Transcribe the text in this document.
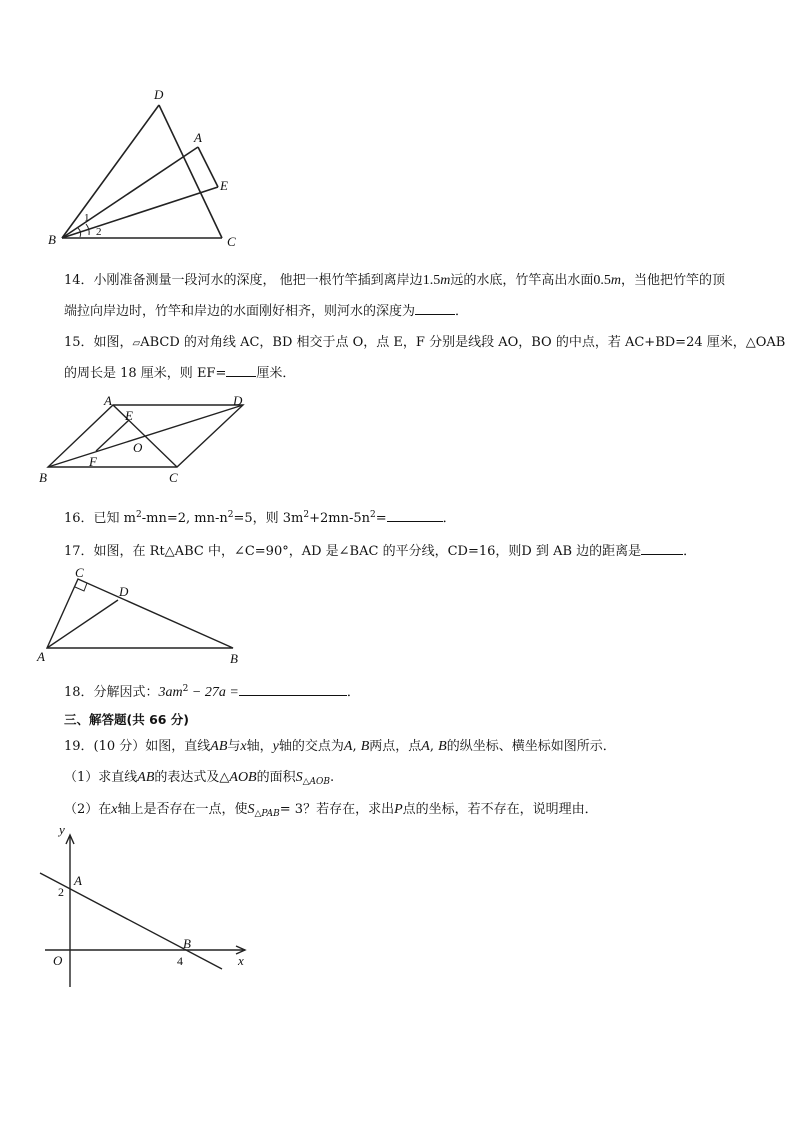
D
A
E
B	C
1
2
14．小刚准备测量一段河水的深度， 他把一根竹竿插到离岸边1.5m远的水底，竹竿高出水面0.5m，当他把竹竿的顶
端拉向岸边时，竹竿和岸边的水面刚好相齐，则河水的深度为	．
15．如图，▱ABCD 的对角线 AC，BD 相交于点 O，点 E，F 分别是线段 AO，BO 的中点，若 AC+BD=24 厘米，△OAB
的周长是 18 厘米，则 EF= 厘米．
A	D
E
O
F
B	C
16．已知 $m^2-mn=2$, $mn-n^2=5$，则 $3m^2+2mn-5n^2=$	．
17．如图，在 Rt△ABC 中，∠C=90°，AD 是∠BAC 的平分线，CD=16，则D 到 AB 边的距离是	．
C
D
A	B
18．分解因式：$3am^2 - 27a$ =	．
三、解答题(共 66 分)
19．(10 分）如图，直线AB与x轴，y轴的交点为A, B两点，点A, B的纵坐标、横坐标如图所示．
（1）求直线AB的表达式及△AOB的面积$S_{\triangle AOB}$.
（2）在x轴上是否存在一点，使$S_{\triangle PAB}= 3$？若存在，求出P点的坐标，若不存在，说明理由．
y
A
2
B
O	4	x
